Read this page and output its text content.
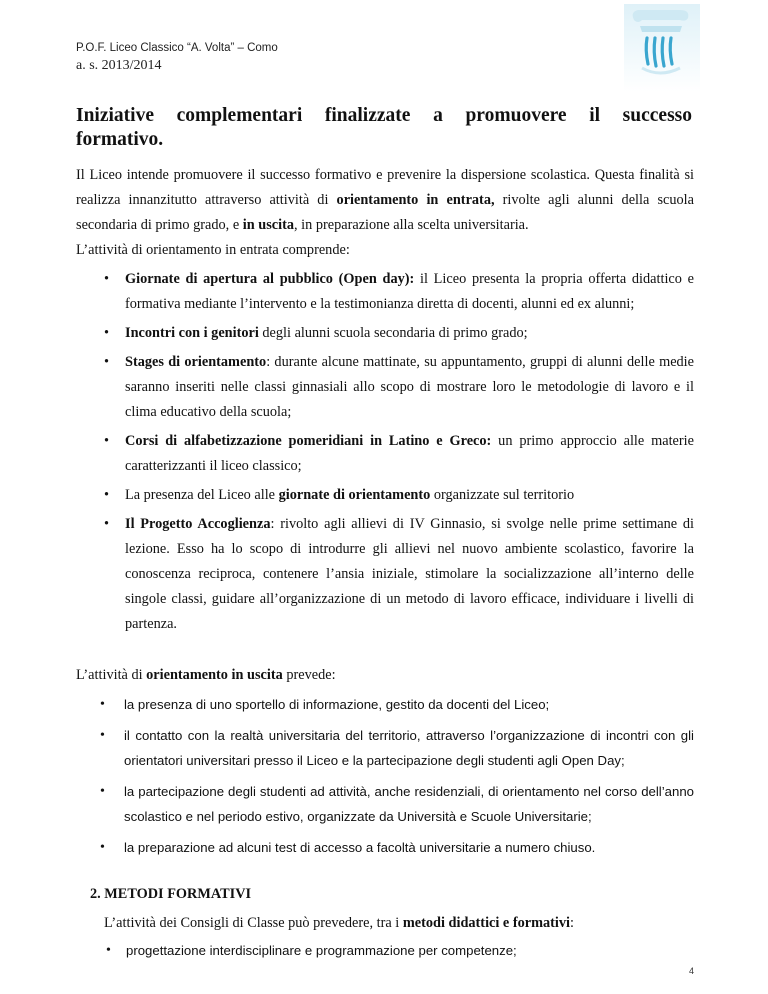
P.O.F. Liceo Classico “A. Volta” – Como
a. s. 2013/2014
Iniziative complementari finalizzate a promuovere il successo
formativo.

Il Liceo intende promuovere il successo formativo e prevenire la dispersione scolastica. Questa finalità si realizza innanzitutto attraverso attività di orientamento in entrata, rivolte agli alunni della scuola secondaria di primo grado, e in uscita, in preparazione alla scelta universitaria.

L’attività di orientamento in entrata comprende:

• Giornate di apertura al pubblico (Open day): il Liceo presenta la propria offerta didattico e formativa mediante l’intervento e la testimonianza diretta di docenti, alunni ed ex alunni;
• Incontri con i genitori degli alunni scuola secondaria di primo grado;
• Stages di orientamento: durante alcune mattinate, su appuntamento, gruppi di alunni delle medie saranno inseriti nelle classi ginnasiali allo scopo di mostrare loro le metodologie di lavoro e il clima educativo della scuola;
• Corsi di alfabetizzazione pomeridiani in Latino e Greco: un primo approccio alle materie caratterizzanti il liceo classico;
• La presenza del Liceo alle giornate di orientamento organizzate sul territorio
• Il Progetto Accoglienza: rivolto agli allievi di IV Ginnasio, si svolge nelle prime settimane di lezione. Esso ha lo scopo di introdurre gli allievi nel nuovo ambiente scolastico, favorire la conoscenza reciproca, contenere l’ansia iniziale, stimolare la socializzazione all’interno delle singole classi, guidare all’organizzazione di un metodo di lavoro efficace, individuare i livelli di partenza.

L’attività di orientamento in uscita prevede:

• la presenza di uno sportello di informazione, gestito da docenti del Liceo;
• il contatto con la realtà universitaria del territorio, attraverso l’organizzazione di incontri con gli orientatori universitari presso il Liceo e la partecipazione degli studenti agli Open Day;
• la partecipazione degli studenti ad attività, anche residenziali, di orientamento nel corso dell’anno scolastico e nel periodo estivo, organizzate da Università e Scuole Universitarie;
• la preparazione ad alcuni test di accesso a facoltà universitarie a numero chiuso.
2. METODI FORMATIVI

L’attività dei Consigli di Classe può prevedere, tra i metodi didattici e formativi:

• progettazione interdisciplinare e programmazione per competenze;
4
